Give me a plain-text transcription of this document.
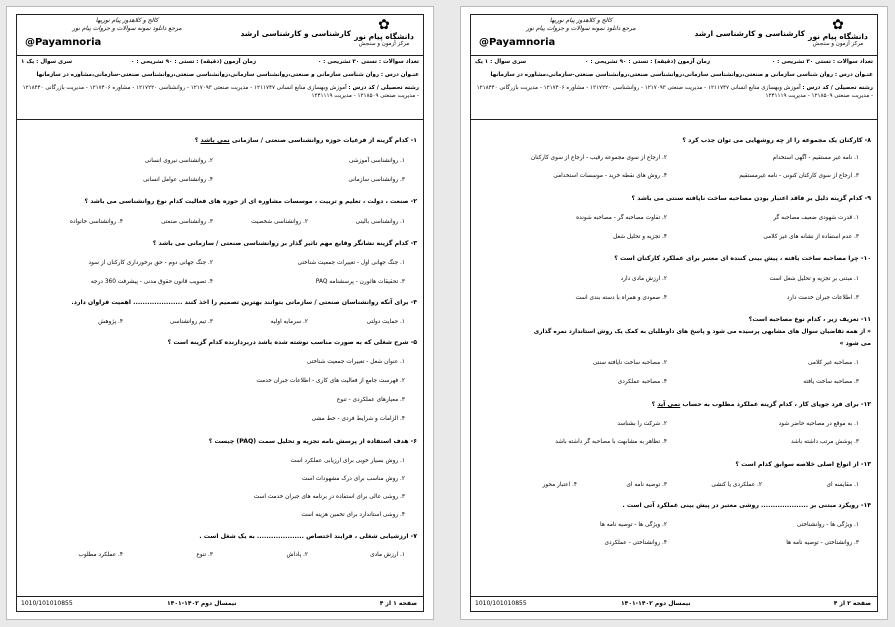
✿
دانشگاه پیام نور
مرکز آزمون و سنجش
کارشناسی و کارشناسی ارشد
کالج و کلاهدوز پیام نوریها
مرجع دانلود نمونه سوالات و جزوات پیام نور
@Payamnoria
تعداد سوالات : تستی ۳۰ تشریحی : ۰
زمان آزمون (دقیقه) : تستی : ۹۰ تشریحی : ۰
سری سوال : یک ۱
عنـوان درس : روان شناسی سازمانی و صنعتی،روانشناسی سازمانی،روانشناسی صنعتی،روانشناسی صنعتی-سازمانی،مشاوره در سازمانها
رشته تحصیلی / کد درس : آموزش وبهسازی منابع انسانی ۱۲۱۱۷۴۷ - مدیریت صنعتی ۱۲۱۷۰۹۳ - روانشناسی ۱۲۱۷۲۲۰ - مشاوره ۱۲۱۷۴۰۶ - مدیریت بازرگانی ۱۲۱۸۴۴۰ - مدیریت صنعتی ۱۲۱۸۵۰۹ - مدیریت ۱۲۴۱۱۱۹
۱- کدام گزینه از فرعیات حوزه روانشناسی صنعتی / سازمانی نمی باشد ؟
۱. روانشناسی آموزشی
۲. روانشناسی نیروی انسانی
۳. روانشناسی سازمانی
۴. روانشناسی عوامل انسانی
۲- صنعت ، دولت ، تعلیم و تربیت ، موسسات مشاوره ای از حوزه های فعالیت کدام نوع روانشناسی می باشد ؟
۱. روانشناسی بالینی
۲. روانشناسی شخصیت
۳. روانشناسی صنعتی
۴. روانشناسی خانواده
۳- کدام گزینه نشانگر وقایع مهم تاثیر گذار بر روانشناسی صنعتی / سازمانی می باشد ؟
۱. جنگ جهانی اول - تغییرات جمعیت شناختی
۲. جنگ جهانی دوم - حق برخورداری کارکنان از سود
۳. تحقیقات هاثورن - پرسشنامه PAQ
۴. تصویب قانون حقوق مدنی - پیشرفت 360 درجه
۴- برای آنکه روانشناسان صنعتی / سازمانی بتوانند بهترین تصمیم را اخذ کنند ..................... اهمیت فراوان دارد.
۱. حمایت دولتی
۲. سرمایه اولیه
۳. تیم روانشناسی
۴. پژوهش
۵- شرح شغلی که به صورت مناسب نوشته شده باشد دربردارنده کدام گزینه است ؟
۱. عنوان شغل - تغییرات جمعیت شناختی
۲. فهرست جامع از فعالیت های کاری - اطلاعات جبران خدمت
۳. معیارهای عملکردی - تنوع
۴. الزامات و شرایط فردی - خط مشی
۶- هدف استفاده از پرسش نامه تجزیه و تحلیل سمت (PAQ) چیست ؟
۱. روش بسیار خوبی برای ارزیابی عملکرد است
۲. روش مناسب برای درک مشهودات است
۳. روشی عالی برای استفاده در برنامه های جبران خدمت است
۴. روشی استاندارد برای تخمین هزینه است
۷- ارزشیابی شغلی ، فرایند اختصاص .................... به یک شغل است .
۱. ارزش مادی
۲. پاداش
۳. تنوع
۴. عملکرد مطلوب
صفحه ۱ از ۴
نیمسال دوم ۱۴۰۲-۱۴۰۱
1010/101010855
✿
دانشگاه پیام نور
مرکز آزمون و سنجش
کارشناسی و کارشناسی ارشد
کالج و کلاهدوز پیام نوریها
مرجع دانلود نمونه سوالات و جزوات پیام نور
@Payamnoria
تعداد سوالات : تستی ۳۰ تشریحی : ۰
زمان آزمون (دقیقه) : تستی : ۹۰ تشریحی : ۰
سری سوال : ۱ یک
عنـوان درس : روان شناسی سازمانی و صنعتی،روانشناسی سازمانی،روانشناسی صنعتی،روانشناسی صنعتی-سازمانی،مشاوره در سازمانها
رشته تحصیلی / کد درس : آموزش وبهسازی منابع انسانی ۱۲۱۱۷۴۷ - مدیریت صنعتی ۱۲۱۷۰۹۳ - روانشناسی ۱۲۱۷۲۲۰ - مشاوره ۱۲۱۷۴۰۶ - مدیریت بازرگانی ۱۲۱۸۴۴۰ - مدیریت صنعتی ۱۲۱۸۵۰۹ - مدیریت ۱۲۴۱۱۱۹
۸- کارکنان یک مجموعه را از چه روشهایی می توان جذب کرد ؟
۱. نامه غیر مستقیم - آگهی استخدام
۲. ارجاع از سوی مجموعه رقیب - ارجاع از سوی کارکنان
۳. ارجاع از سوی کارکنان کنونی - نامه غیرمستقیم
۴. روش های نقطه خرید - موسسات استخدامی
۹- کدام گزینه دلیل بر فاقد اعتبار بودن مصاحبه ساخت نایافته سنتی می باشد ؟
۱. قدرت شهودی ضعیف مصاحبه گر
۲. تفاوت مصاحبه گر - مصاحبه شونده
۳. عدم استفاده از نشانه های غیر کلامی
۴. تجزیه و تحلیل شغل
۱۰- چرا مصاحبه ساخت یافته ، پیش بینی کننده ای معتبر برای عملکرد کارکنان است ؟
۱. مبتنی بر تجزیه و تحلیل شغل است
۲. ارزش مادی دارد
۳. اطلاعات جبران خدمت دارد
۴. صعودی و همراه با دسته بندی است
۱۱- تعریف زیر ، کدام نوع مصاحبه است؟
« از همه تقاضیان سوال های مشابهی پرسیده می شود و پاسخ های داوطلبان به کمک یک روش استاندارد نمره گذاری
می شود »
۱. مصاحبه غیر کلامی
۲. مصاحبه ساخت نایافته سنتی
۳. مصاحبه ساخت یافته
۴. مصاحبه عملکردی
۱۲- برای فرد جویای کار ، کدام گزینه عملکرد مطلوب به حساب نمی آید ؟
۱. به موقع در مصاحبه حاضر شود
۲. شرکت را بشناسد
۳. پوشش مرتب داشته باشد
۴. تظاهر به مشابهت با مصاحبه گر داشته باشد
۱۳- از انواع اصلی خلاصه سوابق کدام است ؟
۱. مقایسه ای
۲. عملکردی یا کنشی
۳. توصیه نامه ای
۴. اعتبار محور
۱۴- رویکرد مبتنی بر .................... روشی معتبر در پیش بینی عملکرد آتی است .
۱. ویژگی ها - روانشناختی
۲. ویژگی ها - توصیه نامه ها
۳. روانشناختی - توصیه نامه ها
۴. روانشناختی - عملکردی
صفحه ۲ از ۴
نیمسال دوم ۱۴۰۲-۱۴۰۱
1010/101010855
